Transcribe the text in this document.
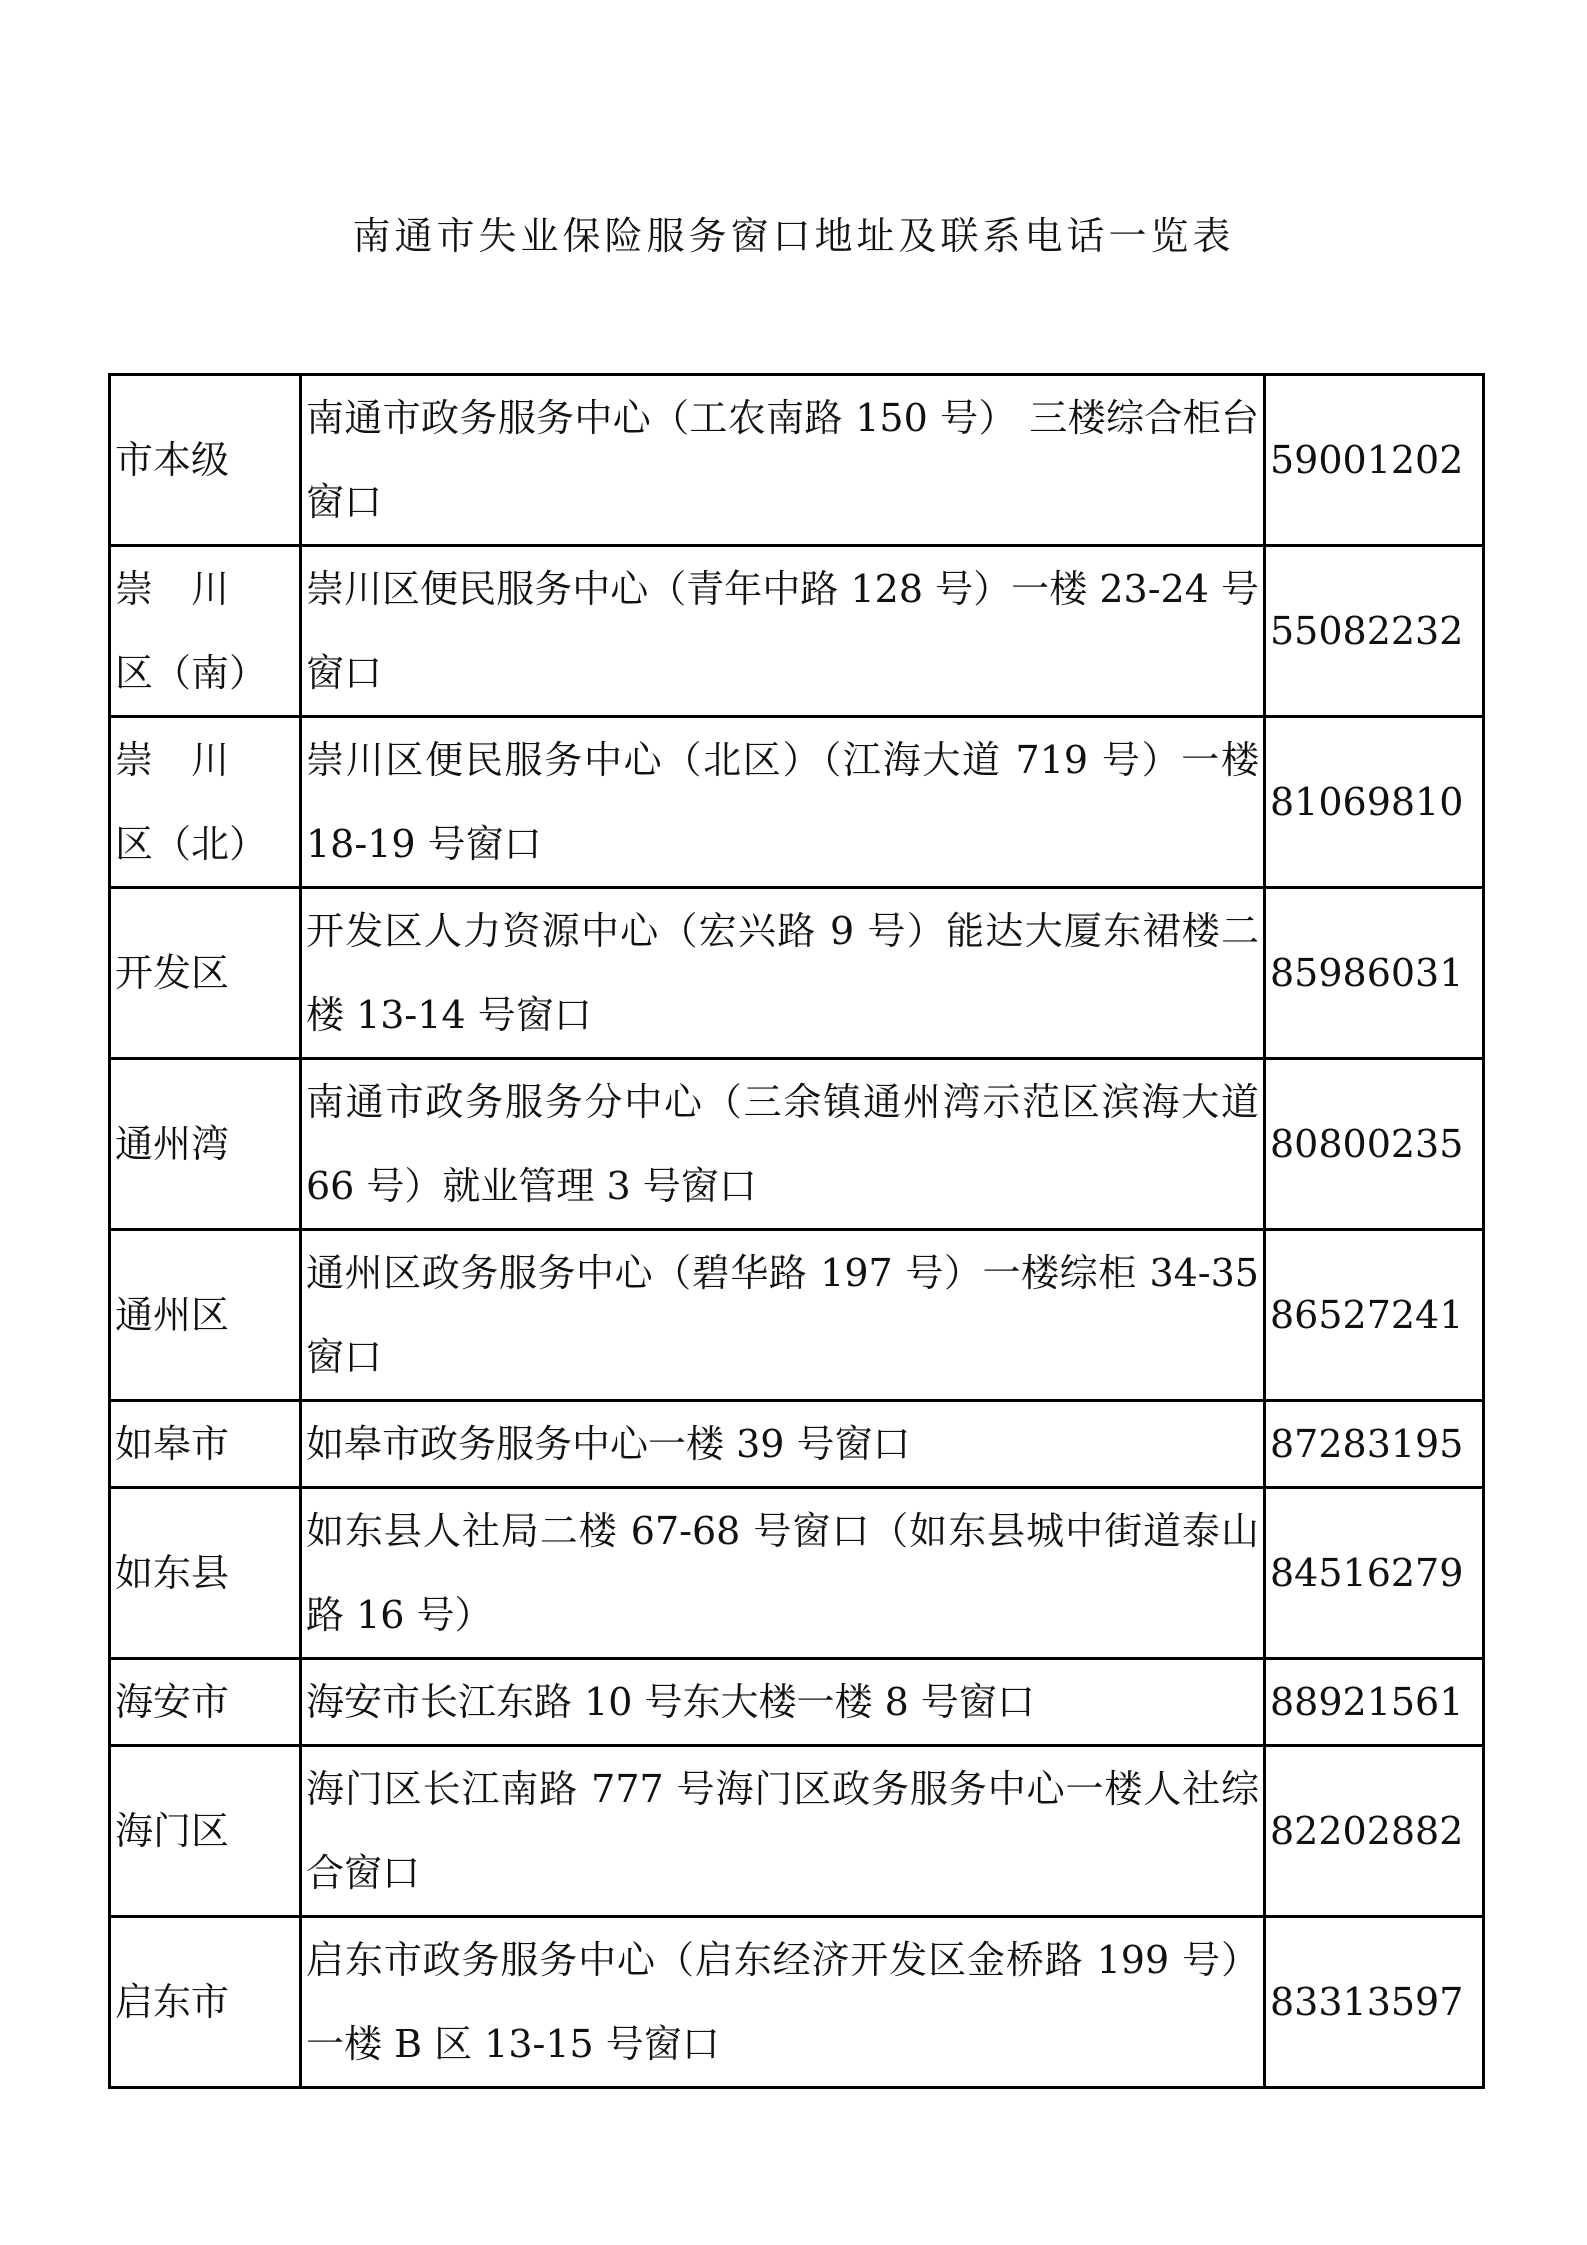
南通市失业保险服务窗口地址及联系电话一览表
市本级	南通市政务服务中心（工农南路 150 号） 三楼综合柜台窗口	59001202
崇　川　区（南）	崇川区便民服务中心（青年中路 128 号）一楼 23-24 号窗口	55082232
崇　川　区（北）	崇川区便民服务中心（北区）（江海大道 719 号）一楼 18-19 号窗口	81069810
开发区	开发区人力资源中心（宏兴路 9 号）能达大厦东裙楼二楼 13-14 号窗口	85986031
通州湾	南通市政务服务分中心（三余镇通州湾示范区滨海大道 66 号）就业管理 3 号窗口	80800235
通州区	通州区政务服务中心（碧华路 197 号）一楼综柜 34-35 窗口	86527241
如皋市	如皋市政务服务中心一楼 39 号窗口	87283195
如东县	如东县人社局二楼 67-68 号窗口（如东县城中街道泰山路 16 号）	84516279
海安市	海安市长江东路 10 号东大楼一楼 8 号窗口	88921561
海门区	海门区长江南路 777 号海门区政务服务中心一楼人社综合窗口	82202882
启东市	启东市政务服务中心（启东经济开发区金桥路 199 号）一楼 B 区 13-15 号窗口	83313597
